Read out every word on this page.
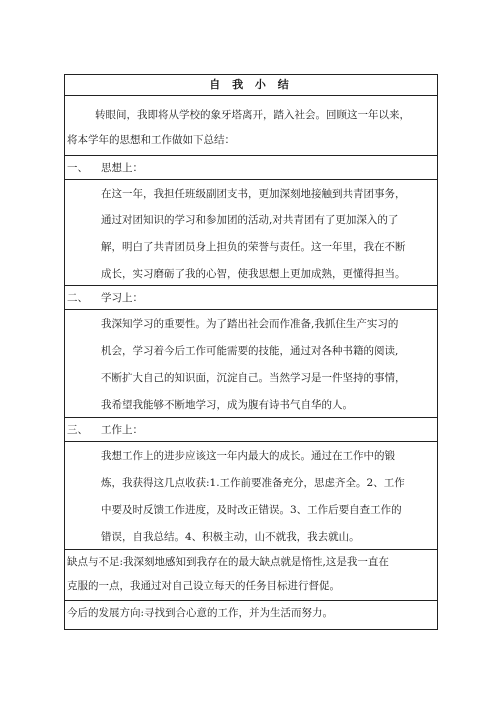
自 我 小 结
转眼间，我即将从学校的象牙塔离开，踏入社会。回顾这一年以来，
将本学年的思想和工作做如下总结：
一、 思想上：
在这一年，我担任班级副团支书，更加深刻地接触到共青团事务，
通过对团知识的学习和参加团的活动,对共青团有了更加深入的了
解，明白了共青团员身上担负的荣誉与责任。这一年里，我在不断
成长，实习磨砺了我的心智，使我思想上更加成熟，更懂得担当。
二、 学习上：
我深知学习的重要性。为了踏出社会而作准备,我抓住生产实习的
机会，学习着今后工作可能需要的技能，通过对各种书籍的阅读,
不断扩大自己的知识面，沉淀自己。当然学习是一件坚持的事情，
我希望我能够不断地学习，成为腹有诗书气自华的人。
三、 工作上：
我想工作上的进步应该这一年内最大的成长。通过在工作中的锻
炼，我获得这几点收获:1.工作前要准备充分，思虑齐全。2、工作
中要及时反馈工作进度，及时改正错误。3、工作后要自查工作的
错误，自我总结。4、积极主动，山不就我，我去就山。
缺点与不足:我深刻地感知到我存在的最大缺点就是惰性,这是我一直在
克服的一点，我通过对自己设立每天的任务目标进行督促。
今后的发展方向:寻找到合心意的工作，并为生活而努力。
